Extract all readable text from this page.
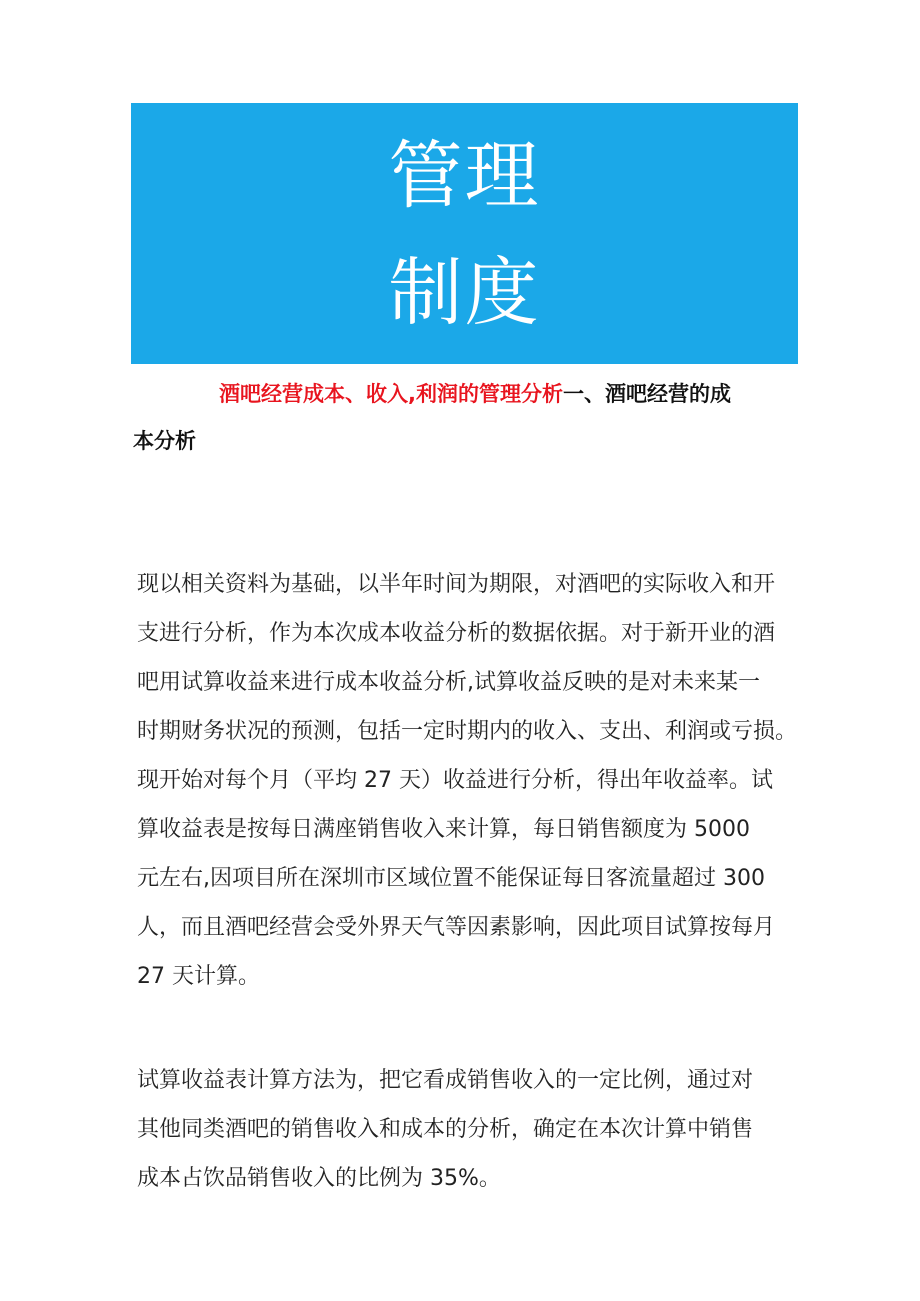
管理
制度
酒吧经营成本、收入,利润的管理分析一、酒吧经营的成
本分析
现以相关资料为基础，以半年时间为期限，对酒吧的实际收入和开
支进行分析，作为本次成本收益分析的数据依据。对于新开业的酒
吧用试算收益来进行成本收益分析,试算收益反映的是对未来某一
时期财务状况的预测，包括一定时期内的收入、支出、利润或亏损。
现开始对每个月（平均 27 天）收益进行分析，得出年收益率。试
算收益表是按每日满座销售收入来计算，每日销售额度为 5000
元左右,因项目所在深圳市区域位置不能保证每日客流量超过 300
人，而且酒吧经营会受外界天气等因素影响，因此项目试算按每月
27 天计算。
试算收益表计算方法为，把它看成销售收入的一定比例，通过对
其他同类酒吧的销售收入和成本的分析，确定在本次计算中销售
成本占饮品销售收入的比例为 35%。
